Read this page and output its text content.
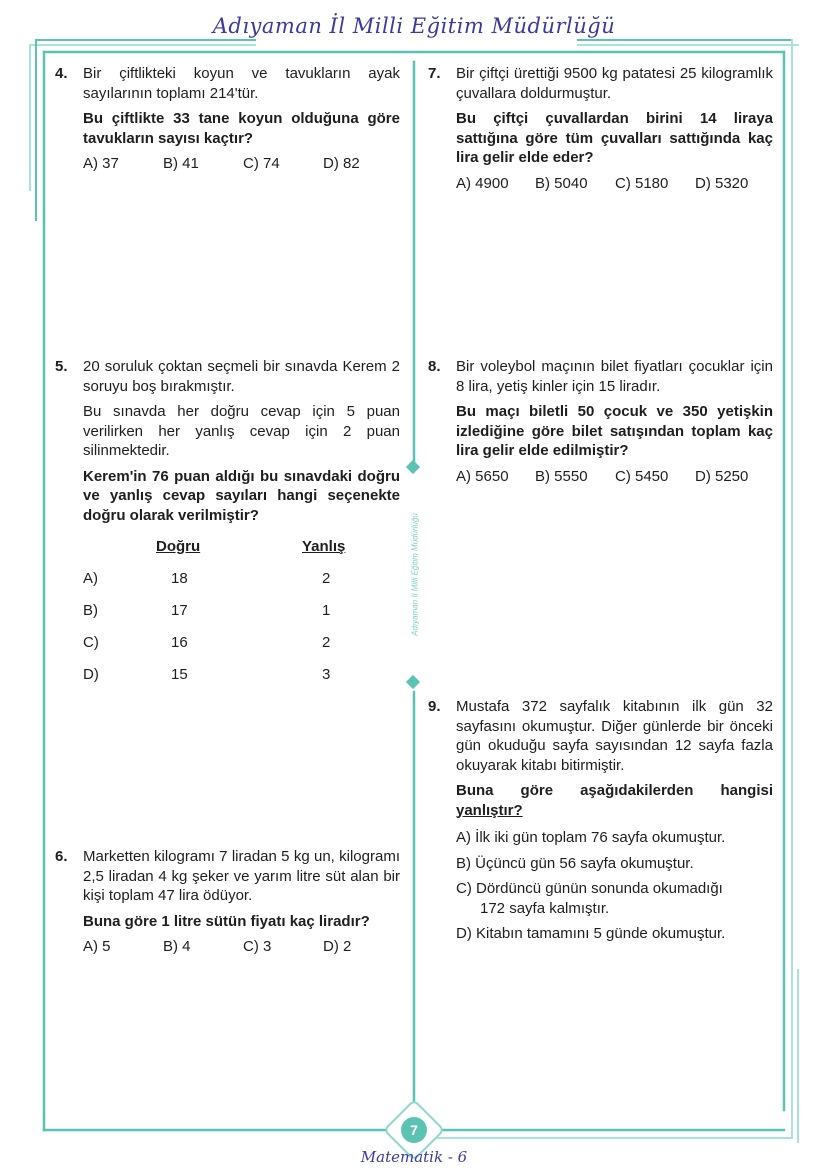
Adıyaman İl Milli Eğitim Müdürlüğü
Adıyaman İl Milli Eğitim Müdürlüğü
4. Bir çiftlikteki koyun ve tavukların ayak sayılarının toplamı 214'tür.

Bu çiftlikte 33 tane koyun olduğuna göre tavukların sayısı kaçtır?

A) 37	B) 41	C) 74	D) 82
7. Bir çiftçi ürettiği 9500 kg patatesi 25 kilogramlık çuvallara doldurmuştur.

Bu çiftçi çuvallardan birini 14 liraya sattığına göre tüm çuvalları sattığında kaç lira gelir elde eder?

A) 4900	B) 5040	C) 5180	D) 5320
5. 20 soruluk çoktan seçmeli bir sınavda Kerem 2 soruyu boş bırakmıştır.

Bu sınavda her doğru cevap için 5 puan verilirken her yanlış cevap için 2 puan silinmektedir.

Kerem'in 76 puan aldığı bu sınavdaki doğru ve yanlış cevap sayıları hangi seçenekte doğru olarak verilmiştir?

Doğru	Yanlış
A)	18	2
B)	17	1
C)	16	2
D)	15	3
8. Bir voleybol maçının bilet fiyatları çocuklar için 8 lira, yetiş kinler için 15 liradır.

Bu maçı biletli 50 çocuk ve 350 yetişkin izlediğine göre bilet satışından toplam kaç lira gelir elde edilmiştir?

A) 5650	B) 5550	C) 5450	D) 5250
9. Mustafa 372 sayfalık kitabının ilk gün 32 sayfasını okumuştur. Diğer günlerde bir önceki gün okuduğu sayfa sayısından 12 sayfa fazla okuyarak kitabı bitirmiştir.

Buna göre aşağıdakilerden hangisi

yanlıştır?

A) İlk iki gün toplam 76 sayfa okumuştur.

B) Üçüncü gün 56 sayfa okumuştur.

C) Dördüncü günün sonunda okumadığı

172 sayfa kalmıştır.

D) Kitabın tamamını 5 günde okumuştur.

6. Marketten kilogramı 7 liradan 5 kg un, kilogramı 2,5 liradan 4 kg şeker ve yarım litre süt alan bir kişi toplam 47 lira ödüyor.

Buna göre 1 litre sütün fiyatı kaç liradır?

A) 5	B) 4	C) 3	D) 2
7
Matematik - 6
